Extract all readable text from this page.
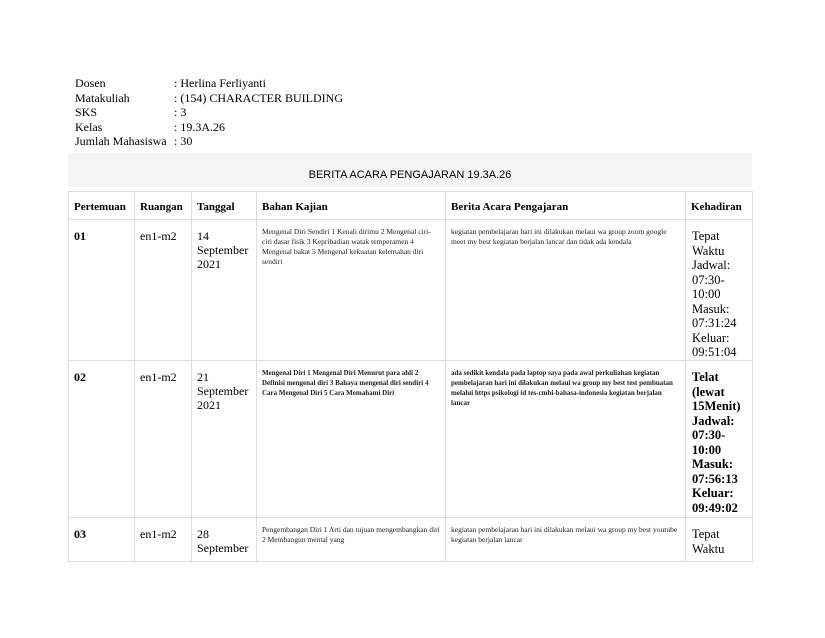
Dosen	: Herlina Ferliyanti
Matakuliah	: (154) CHARACTER BUILDING
SKS	: 3
Kelas	: 19.3A.26
Jumlah Mahasiswa : 30
BERITA ACARA PENGAJARAN 19.3A.26
Pertemuan	Ruangan	Tanggal	Bahan Kajian	Berita Acara Pengajaran	Kehadiran
01	en1-m2	14 September 2021	Mengenal Diri Sendiri 1 Kenali dirimu 2 Mengenal ciri-ciri dasar fisik 3 Kepribadian watak temperamen 4 Mengenal bakat 5 Mengenal kekuatan kelemahan diri sendiri	kegiatan pembelajaran hari ini dilakukan melaui wa group zoom google meet my best kegiatan berjalan lancar dan tidak ada kendala	Tepat Waktu Jadwal: 07:30-10:00 Masuk: 07:31:24 Keluar: 09:51:04
02	en1-m2	21 September 2021	Mengenal Diri 1 Mengenal Diri Menurut para ahli 2 Definisi mengenal diri 3 Bahaya mengenal diri sendiri 4 Cara Mengenal Diri 5 Cara Memahami Diri	ada sedikit kendala pada laptop saya pada awal perkuliahan kegiatan pembelajaran hari ini dilakukan melaui wa group my best test pembuatan melalui https psikologi id tes-cmbi-bahasa-indonesia kegiatan berjalan lancar	Telat (lewat 15Menit) Jadwal: 07:30-10:00 Masuk: 07:56:13 Keluar: 09:49:02
03	en1-m2	28 September	Pengembangan Diri 1 Arti dan tujuan mengembangkan diri 2 Membangun mental yang	kegiatan pembelajaran hari ini dilakukan melaui wa group my best youtube kegiatan berjalan lancar	Tepat Waktu
